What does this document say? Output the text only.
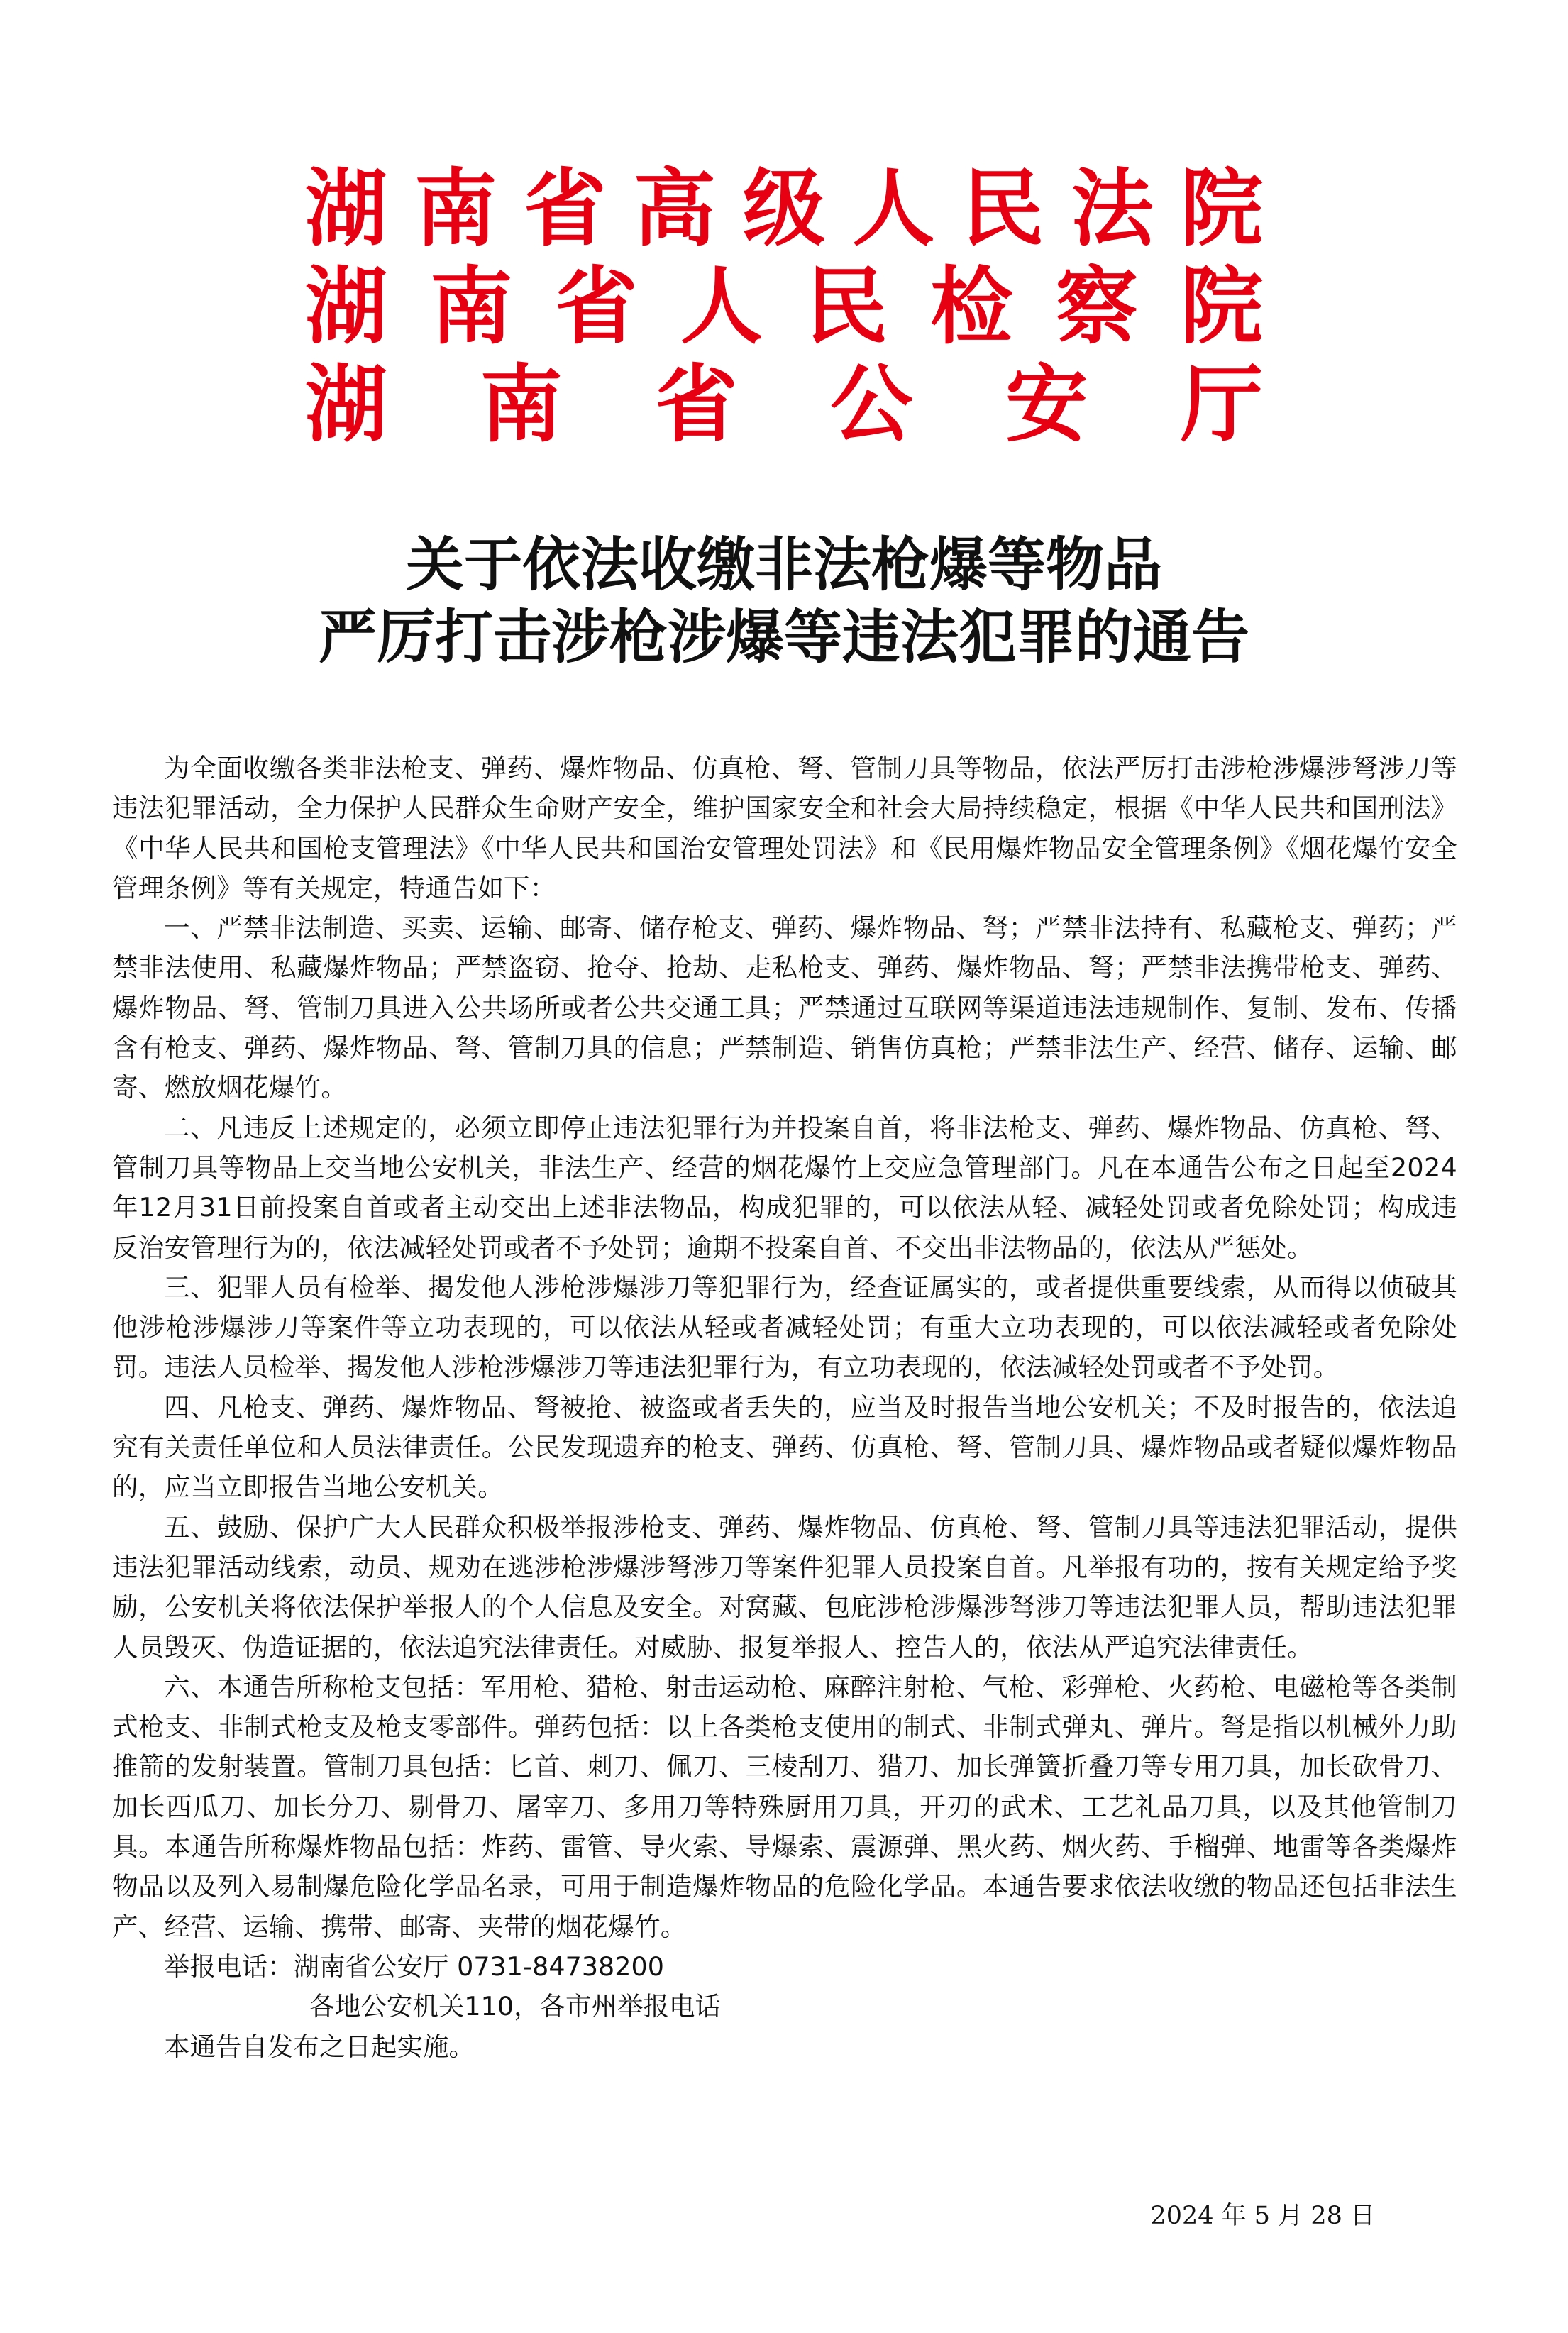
湖南省高级人民法院
湖南省人民检察院
湖南省公安厅
关于依法收缴非法枪爆等物品
严厉打击涉枪涉爆等违法犯罪的通告

为全面收缴各类非法枪支、弹药、爆炸物品、仿真枪、弩、管制刀具等物品，依法严厉打击涉枪涉爆涉弩涉刀等违法犯罪活动，全力保护人民群众生命财产安全，维护国家安全和社会大局持续稳定，根据《中华人民共和国刑法》《中华人民共和国枪支管理法》《中华人民共和国治安管理处罚法》和《民用爆炸物品安全管理条例》《烟花爆竹安全管理条例》等有关规定，特通告如下：

一、严禁非法制造、买卖、运输、邮寄、储存枪支、弹药、爆炸物品、弩；严禁非法持有、私藏枪支、弹药；严禁非法使用、私藏爆炸物品；严禁盗窃、抢夺、抢劫、走私枪支、弹药、爆炸物品、弩；严禁非法携带枪支、弹药、爆炸物品、弩、管制刀具进入公共场所或者公共交通工具；严禁通过互联网等渠道违法违规制作、复制、发布、传播含有枪支、弹药、爆炸物品、弩、管制刀具的信息；严禁制造、销售仿真枪；严禁非法生产、经营、储存、运输、邮寄、燃放烟花爆竹。

二、凡违反上述规定的，必须立即停止违法犯罪行为并投案自首，将非法枪支、弹药、爆炸物品、仿真枪、弩、管制刀具等物品上交当地公安机关，非法生产、经营的烟花爆竹上交应急管理部门。凡在本通告公布之日起至2024年12月31日前投案自首或者主动交出上述非法物品，构成犯罪的，可以依法从轻、减轻处罚或者免除处罚；构成违反治安管理行为的，依法减轻处罚或者不予处罚；逾期不投案自首、不交出非法物品的，依法从严惩处。

三、犯罪人员有检举、揭发他人涉枪涉爆涉刀等犯罪行为，经查证属实的，或者提供重要线索，从而得以侦破其他涉枪涉爆涉刀等案件等立功表现的，可以依法从轻或者减轻处罚；有重大立功表现的，可以依法减轻或者免除处罚。违法人员检举、揭发他人涉枪涉爆涉刀等违法犯罪行为，有立功表现的，依法减轻处罚或者不予处罚。

四、凡枪支、弹药、爆炸物品、弩被抢、被盗或者丢失的，应当及时报告当地公安机关；不及时报告的，依法追究有关责任单位和人员法律责任。公民发现遗弃的枪支、弹药、仿真枪、弩、管制刀具、爆炸物品或者疑似爆炸物品的，应当立即报告当地公安机关。

五、鼓励、保护广大人民群众积极举报涉枪支、弹药、爆炸物品、仿真枪、弩、管制刀具等违法犯罪活动，提供违法犯罪活动线索，动员、规劝在逃涉枪涉爆涉弩涉刀等案件犯罪人员投案自首。凡举报有功的，按有关规定给予奖励，公安机关将依法保护举报人的个人信息及安全。对窝藏、包庇涉枪涉爆涉弩涉刀等违法犯罪人员，帮助违法犯罪人员毁灭、伪造证据的，依法追究法律责任。对威胁、报复举报人、控告人的，依法从严追究法律责任。

六、本通告所称枪支包括：军用枪、猎枪、射击运动枪、麻醉注射枪、气枪、彩弹枪、火药枪、电磁枪等各类制式枪支、非制式枪支及枪支零部件。弹药包括：以上各类枪支使用的制式、非制式弹丸、弹片。弩是指以机械外力助推箭的发射装置。管制刀具包括：匕首、刺刀、佩刀、三棱刮刀、猎刀、加长弹簧折叠刀等专用刀具，加长砍骨刀、加长西瓜刀、加长分刀、剔骨刀、屠宰刀、多用刀等特殊厨用刀具，开刃的武术、工艺礼品刀具，以及其他管制刀具。本通告所称爆炸物品包括：炸药、雷管、导火索、导爆索、震源弹、黑火药、烟火药、手榴弹、地雷等各类爆炸物品以及列入易制爆危险化学品名录，可用于制造爆炸物品的危险化学品。本通告要求依法收缴的物品还包括非法生产、经营、运输、携带、邮寄、夹带的烟花爆竹。

举报电话：湖南省公安厅 0731-84738200

各地公安机关110，各市州举报电话

本通告自发布之日起实施。

2024 年 5 月 28 日
